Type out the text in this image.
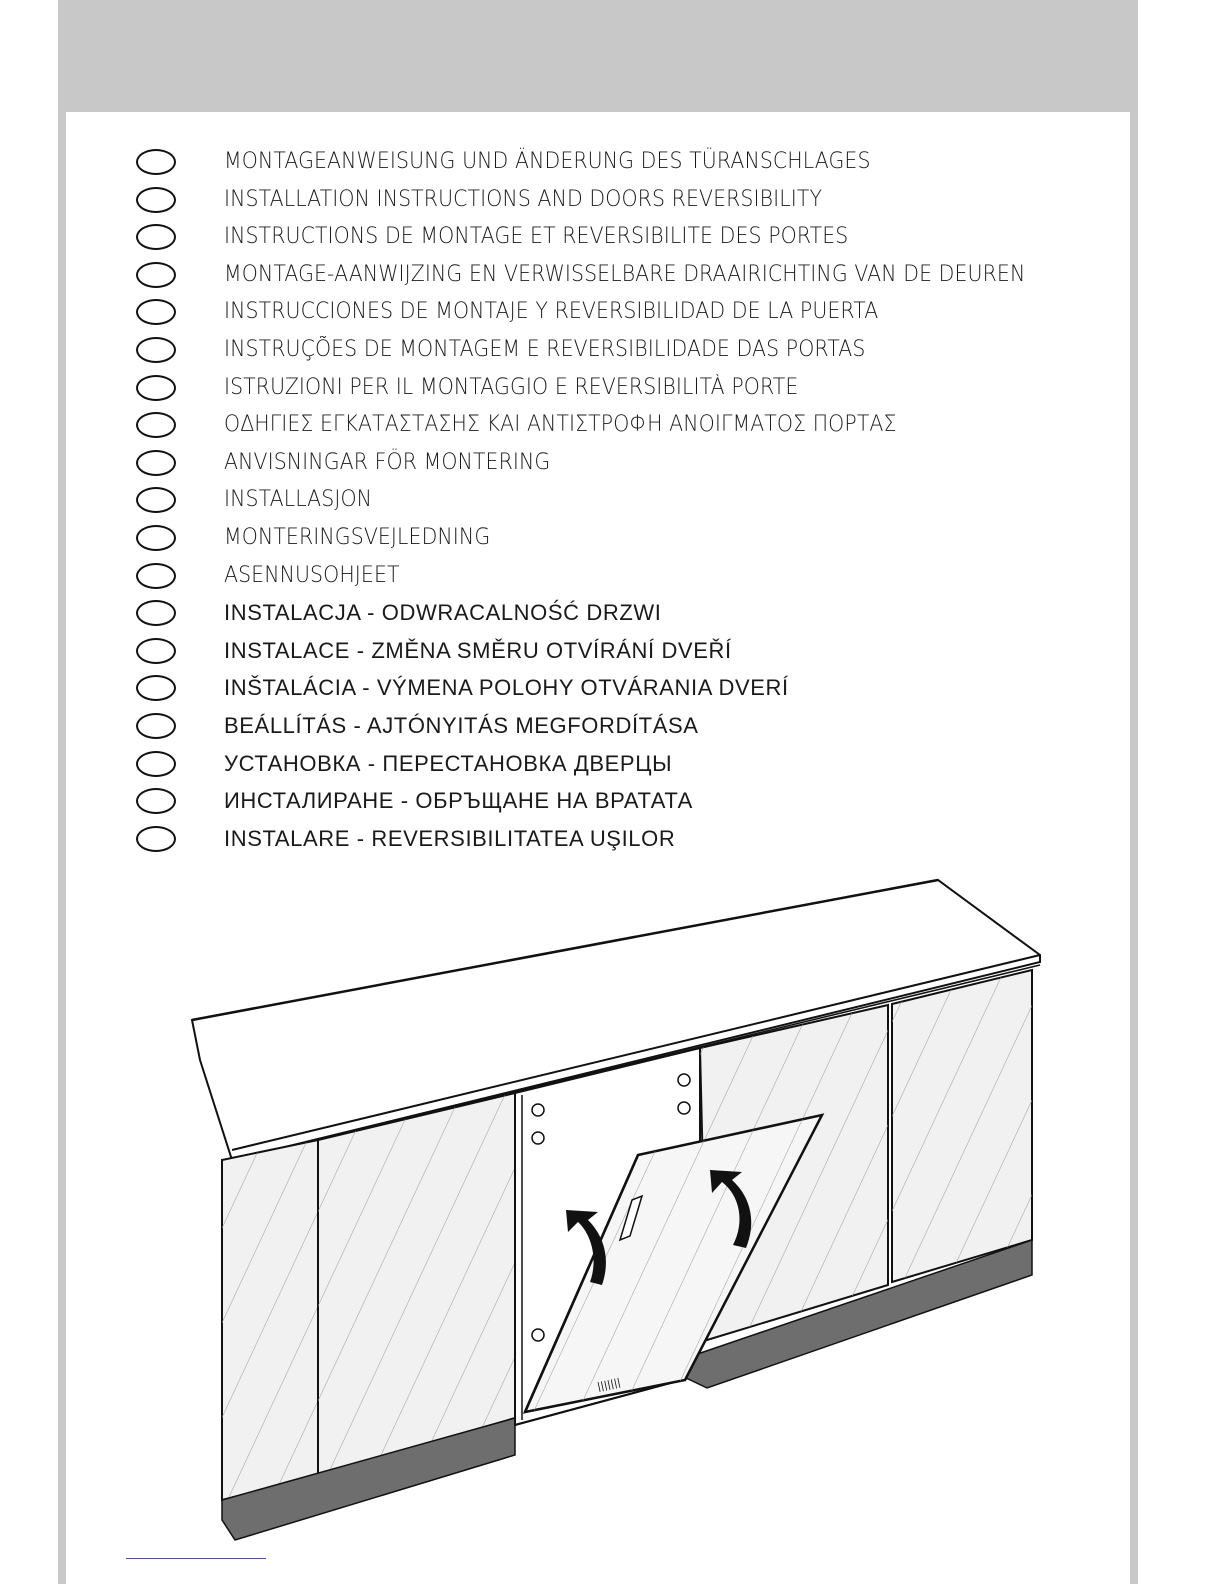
MONTAGEANWEISUNG UND ÄNDERUNG DES TÜRANSCHLAGES
INSTALLATION INSTRUCTIONS AND DOORS REVERSIBILITY
INSTRUCTIONS DE MONTAGE ET REVERSIBILITE DES PORTES
MONTAGE-AANWIJZING EN VERWISSELBARE DRAAIRICHTING VAN DE DEUREN
INSTRUCCIONES DE MONTAJE Y REVERSIBILIDAD DE LA PUERTA
INSTRUÇÕES DE MONTAGEM E REVERSIBILIDADE DAS PORTAS
ISTRUZIONI PER IL MONTAGGIO E REVERSIBILITÀ PORTE
ΟΔΗΓΙΕΣ ΕΓΚΑΤΑΣΤΑΣΗΣ ΚΑΙ ΑΝΤΙΣΤΡΟΦΗ ΑΝΟΙΓΜΑΤΟΣ ΠΟΡΤΑΣ
ANVISNINGAR FÖR MONTERING
INSTALLASJON
MONTERINGSVEJLEDNING
ASENNUSOHJEET
INSTALACJA - ODWRACALNOŚĆ DRZWI
INSTALACE - ZMĚNA SMĚRU OTVÍRÁNÍ DVEŘÍ
INŠTALÁCIA - VÝMENA POLOHY OTVÁRANIA DVERÍ
BEÁLLÍTÁS - AJTÓNYITÁS MEGFORDÍTÁSA
УСТАНОВКА - ПЕРЕСТАНОВКА ДВЕРЦЫ
ИНСТАЛИРАНЕ - ОБРЪЩАНЕ НА ВРАТАТА
INSTALARE - REVERSIBILITATEA UŞILOR
|||||||
